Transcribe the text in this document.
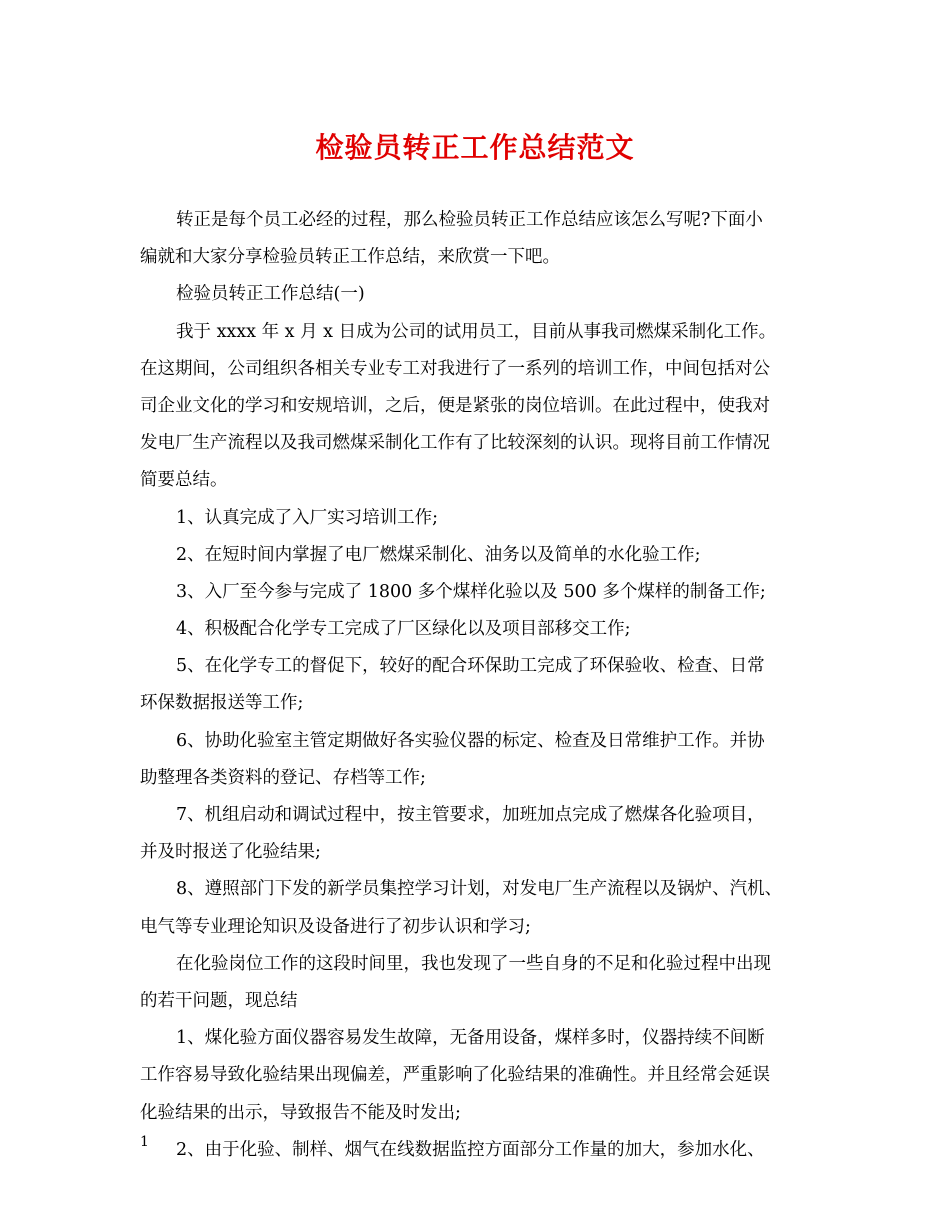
检验员转正工作总结范文
转正是每个员工必经的过程，那么检验员转正工作总结应该怎么写呢?下面小
编就和大家分享检验员转正工作总结，来欣赏一下吧。
检验员转正工作总结(一)
我于 xxxx 年 x 月 x 日成为公司的试用员工，目前从事我司燃煤采制化工作。
在这期间，公司组织各相关专业专工对我进行了一系列的培训工作，中间包括对公
司企业文化的学习和安规培训，之后，便是紧张的岗位培训。在此过程中，使我对
发电厂生产流程以及我司燃煤采制化工作有了比较深刻的认识。现将目前工作情况
简要总结。
1、认真完成了入厂实习培训工作;
2、在短时间内掌握了电厂燃煤采制化、油务以及简单的水化验工作;
3、入厂至今参与完成了 1800 多个煤样化验以及 500 多个煤样的制备工作;
4、积极配合化学专工完成了厂区绿化以及项目部移交工作;
5、在化学专工的督促下，较好的配合环保助工完成了环保验收、检查、日常
环保数据报送等工作;
6、协助化验室主管定期做好各实验仪器的标定、检查及日常维护工作。并协
助整理各类资料的登记、存档等工作;
7、机组启动和调试过程中，按主管要求，加班加点完成了燃煤各化验项目，
并及时报送了化验结果;
8、遵照部门下发的新学员集控学习计划，对发电厂生产流程以及锅炉、汽机、
电气等专业理论知识及设备进行了初步认识和学习;
在化验岗位工作的这段时间里，我也发现了一些自身的不足和化验过程中出现
的若干问题，现总结
1、煤化验方面仪器容易发生故障，无备用设备，煤样多时，仪器持续不间断
工作容易导致化验结果出现偏差，严重影响了化验结果的准确性。并且经常会延误
化验结果的出示，导致报告不能及时发出;
2、由于化验、制样、烟气在线数据监控方面部分工作量的加大，参加水化、
1
